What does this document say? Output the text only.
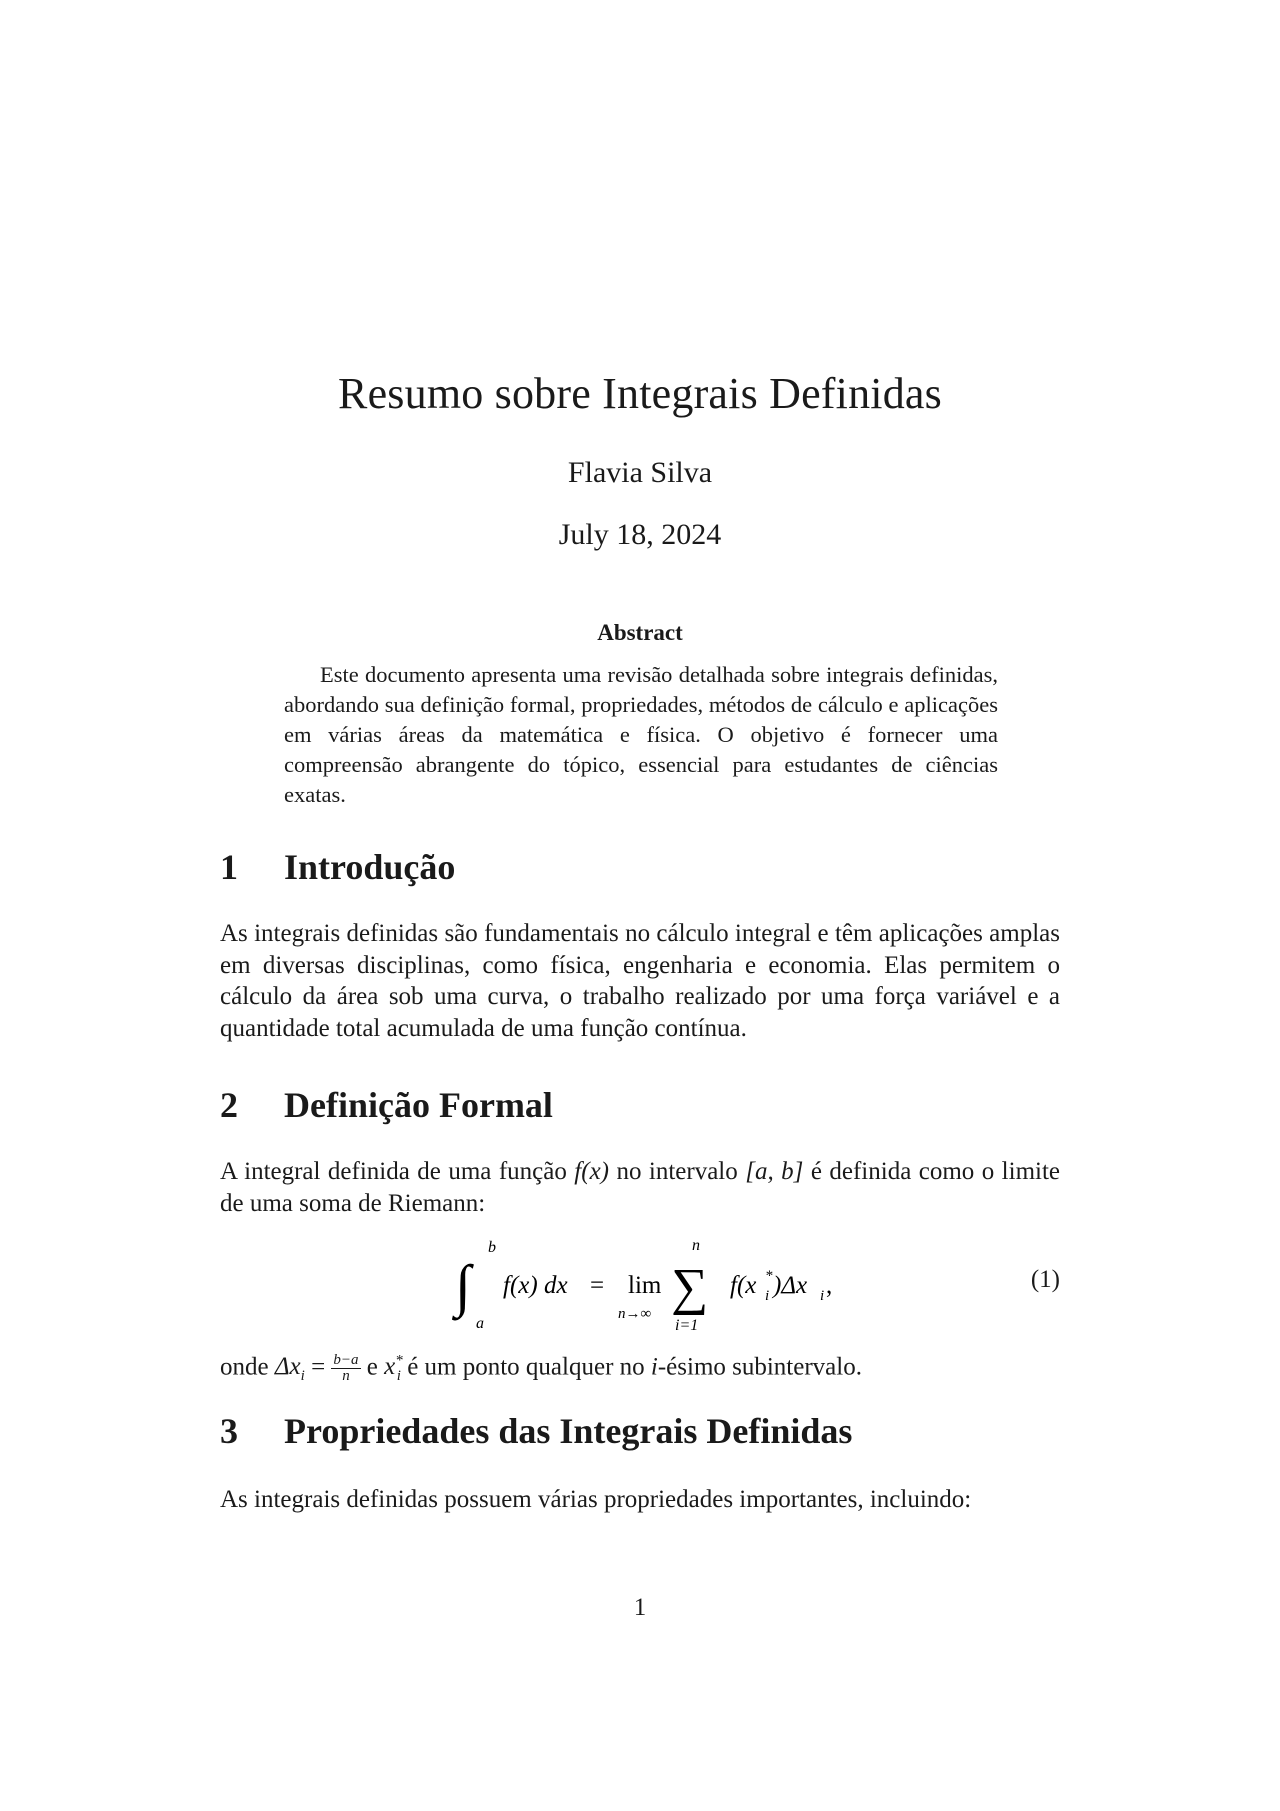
Resumo sobre Integrais Definidas
Flavia Silva
July 18, 2024
Abstract
Este documento apresenta uma revisão detalhada sobre integrais definidas, abordando sua definição formal, propriedades, métodos de cálculo e aplicações em várias áreas da matemática e física. O objetivo é fornecer uma compreensão abrangente do tópico, essencial para estudantes de ciências exatas.
1 Introdução
As integrais definidas são fundamentais no cálculo integral e têm aplicações amplas em diversas disciplinas, como física, engenharia e economia. Elas permitem o cálculo da área sob uma curva, o trabalho realizado por uma força variável e a quantidade total acumulada de uma função contínua.
2 Definição Formal
A integral definida de uma função f(x) no intervalo [a, b] é definida como o limite de uma soma de Riemann:
∫
b
a
f(x) dx = lim
n→∞
n
∑
i=1
f(x *
i )Δx i ,	(1)
onde $\Delta x_i = \frac{b-a}{n}$ e $x^*_i$ é um ponto qualquer no i-ésimo subintervalo.
3 Propriedades das Integrais Definidas
As integrais definidas possuem várias propriedades importantes, incluindo:
1
